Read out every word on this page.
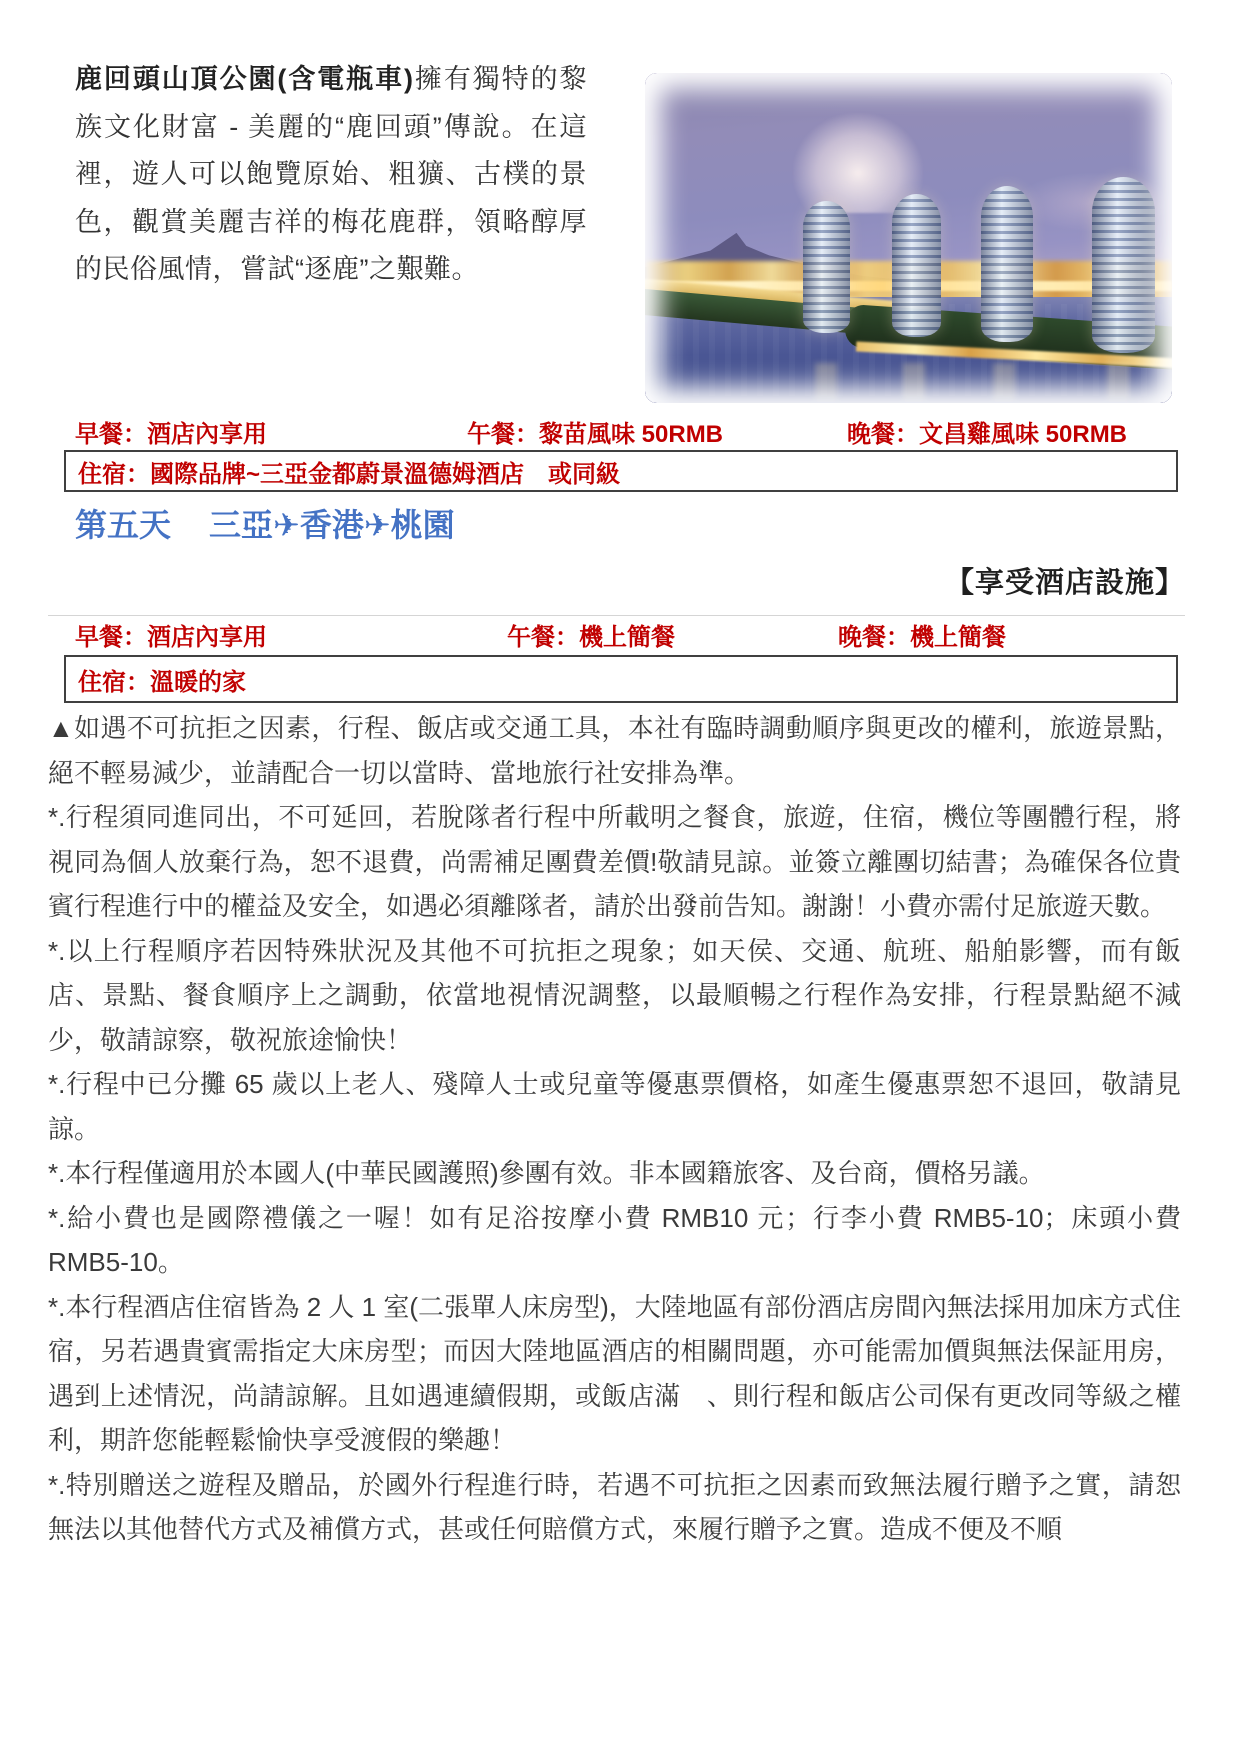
鹿回頭山頂公園(含電瓶車)擁有獨特的黎族文化財富 - 美麗的“鹿回頭”傳說。在這裡，遊人可以飽覽原始、粗獷、古樸的景色，觀賞美麗吉祥的梅花鹿群，領略醇厚的民俗風情，嘗試“逐鹿”之艱難。
早餐：酒店內享用	午餐：黎苗風味 50RMB	晚餐：文昌雞風味 50RMB
住宿：國際品牌~三亞金都蔚景溫德姆酒店　或同級
第五天 三亞✈香港✈桃園
【享受酒店設施】
早餐：酒店內享用	午餐：機上簡餐	晚餐：機上簡餐
住宿：溫暖的家

▲如遇不可抗拒之因素，行程、飯店或交通工具，本社有臨時調動順序與更改的權利，旅遊景點，絕不輕易減少，並請配合一切以當時、當地旅行社安排為準。

*.行程須同進同出，不可延回，若脫隊者行程中所載明之餐食，旅遊，住宿，機位等團體行程，將視同為個人放棄行為，恕不退費，尚需補足團費差價!敬請見諒。並簽立離團切結書；為確保各位貴賓行程進行中的權益及安全，如遇必須離隊者，請於出發前告知。謝謝！小費亦需付足旅遊天數。

*.以上行程順序若因特殊狀況及其他不可抗拒之現象；如天侯、交通、航班、船舶影響，而有飯店、景點、餐食順序上之調動，依當地視情況調整，以最順暢之行程作為安排，行程景點絕不減少，敬請諒察，敬祝旅途愉快！

*.行程中已分攤 65 歲以上老人、殘障人士或兒童等優惠票價格，如產生優惠票恕不退回，敬請見諒。

*.本行程僅適用於本國人(中華民國護照)參團有效。非本國籍旅客、及台商，價格另議。

*.給小費也是國際禮儀之一喔！如有足浴按摩小費 RMB10 元；行李小費 RMB5-10；床頭小費 RMB5-10。

*.本行程酒店住宿皆為 2 人 1 室(二張單人床房型)，大陸地區有部份酒店房間內無法採用加床方式住宿，另若遇貴賓需指定大床房型；而因大陸地區酒店的相關問題，亦可能需加價與無法保証用房，遇到上述情況，尚請諒解。且如遇連續假期，或飯店滿　、則行程和飯店公司保有更改同等級之權利，期許您能輕鬆愉快享受渡假的樂趣！

*.特別贈送之遊程及贈品，於國外行程進行時，若遇不可抗拒之因素而致無法履行贈予之實，請恕無法以其他替代方式及補償方式，甚或任何賠償方式，來履行贈予之實。造成不便及不順
